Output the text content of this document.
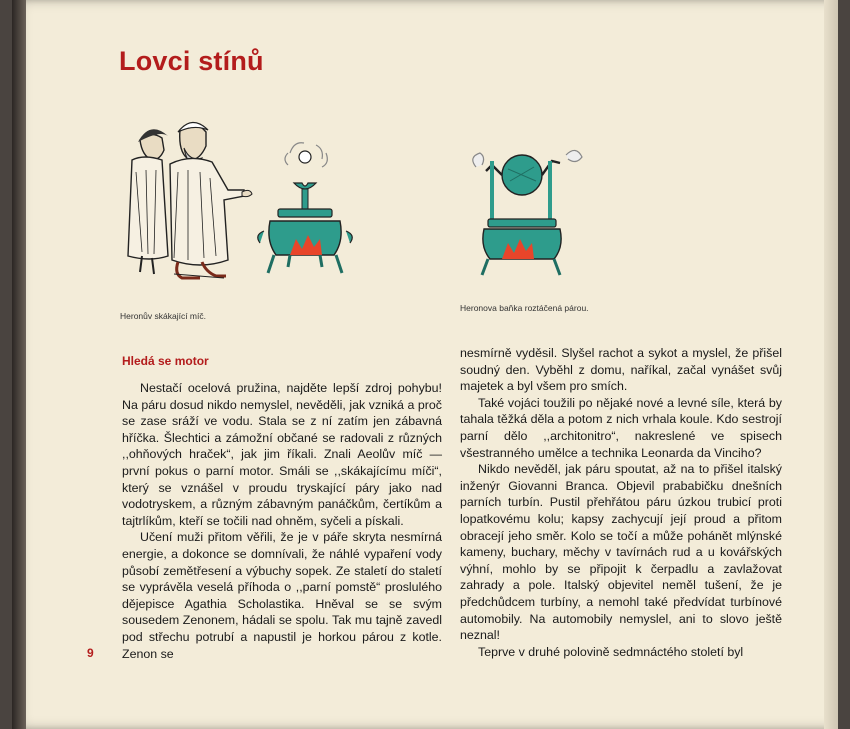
Lovci stínů
Heronův skákající míč.
Heronova baňka roztáčená párou.
Hledá se motor

Nestačí ocelová pružina, najděte lepší zdroj pohybu! Na páru dosud nikdo nemyslel, nevěděli, jak vzniká a proč se zase sráží ve vodu. Stala se z ní zatím jen zábavná hříčka. Šlechtici a zámožní občané se radovali z různých ,,ohňových hraček“, jak jim říkali. Znali Aeolův míč — první pokus o parní motor. Smáli se ,,skákajícímu míči“, který se vznášel v proudu tryskající páry jako nad vodotryskem, a různým zábavným panáčkům, čertíkům a tajtrlíkům, kteří se točili nad ohněm, syčeli a pískali.

Učení muži přitom věřili, že je v páře skryta nesmírná energie, a dokonce se domnívali, že náhlé vypaření vody působí zemětřesení a výbuchy sopek. Ze staletí do staletí se vyprávěla veselá příhoda o ,,parní pomstě“ proslulého dějepisce Agathia Scholastika. Hněval se se svým sousedem Zenonem, hádali se spolu. Tak mu tajně zavedl pod střechu potrubí a napustil je horkou párou z kotle. Zenon se

nesmírně vyděsil. Slyšel rachot a sykot a myslel, že přišel soudný den. Vyběhl z domu, naříkal, začal vynášet svůj majetek a byl všem pro smích.

Také vojáci toužili po nějaké nové a levné síle, která by tahala těžká děla a potom z nich vrhala koule. Kdo sestrojí parní dělo ,,architonitro“, nakreslené ve spisech všestranného umělce a technika Leonarda da Vinciho?

Nikdo nevěděl, jak páru spoutat, až na to přišel italský inženýr Giovanni Branca. Objevil prababičku dnešních parních turbín. Pustil přehřátou páru úzkou trubicí proti lopatkovému kolu; kapsy zachycují její proud a přitom obracejí jeho směr. Kolo se točí a může pohánět mlýnské kameny, buchary, měchy v tavírnách rud a u kovářských výhní, mohlo by se připojit k čerpadlu a zavlažovat zahrady a pole. Italský objevitel neměl tušení, že je předchůdcem turbíny, a nemohl také předvídat turbínové automobily. Na automobily nemyslel, ani to slovo ještě neznal!

Teprve v druhé polovině sedmnáctého století byl

9
